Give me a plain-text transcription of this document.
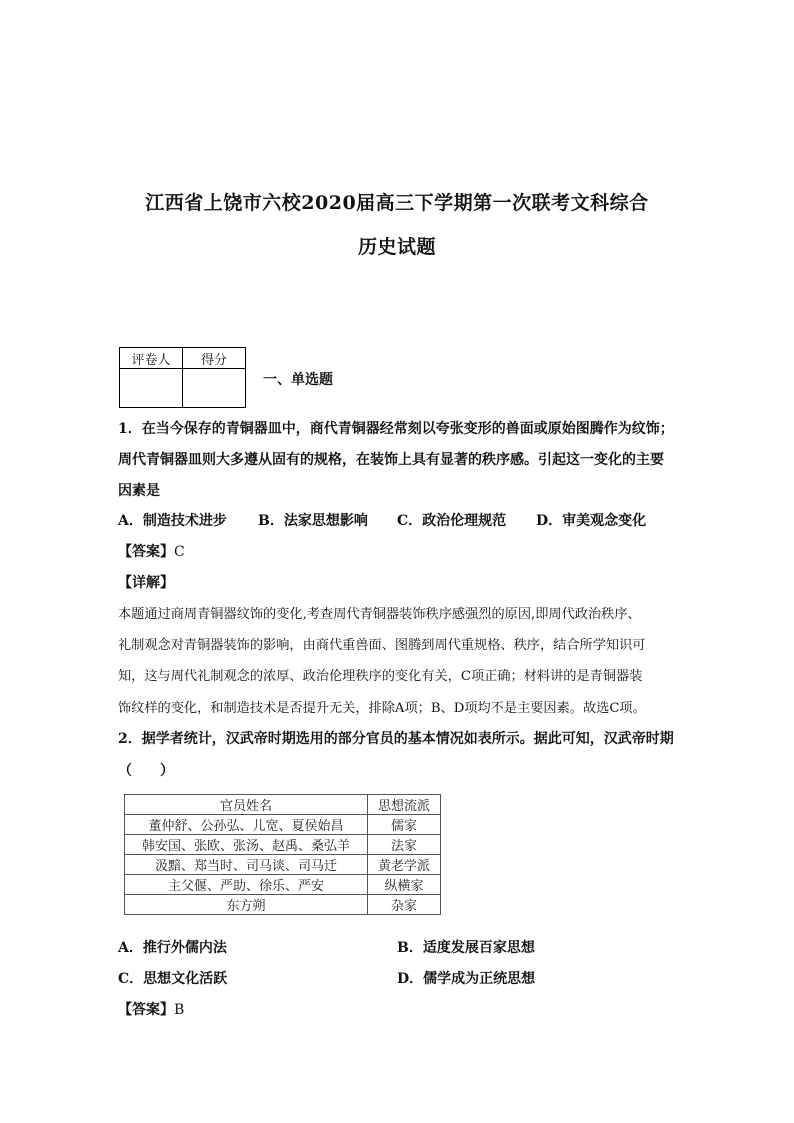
江西省上饶市六校2020届高三下学期第一次联考文科综合
历史试题
评卷人	得分

一、单选题
1．在当今保存的青铜器皿中，商代青铜器经常刻以夸张变形的兽面或原始图腾作为纹饰；
周代青铜器皿则大多遵从固有的规格，在装饰上具有显著的秩序感。引起这一变化的主要
因素是
A．制造技术进步 B．法家思想影响 C．政治伦理规范 D．审美观念变化
【答案】C
【详解】
本题通过商周青铜器纹饰的变化,考查周代青铜器装饰秩序感强烈的原因,即周代政治秩序、
礼制观念对青铜器装饰的影响，由商代重兽面、图腾到周代重规格、秩序，结合所学知识可
知，这与周代礼制观念的浓厚、政治伦理秩序的变化有关，C项正确；材料讲的是青铜器装
饰纹样的变化，和制造技术是否提升无关，排除A项；B、D项均不是主要因素。故选C项。
2．据学者统计，汉武帝时期选用的部分官员的基本情况如表所示。据此可知，汉武帝时期
（　　）
官员姓名	思想流派
董仲舒、公孙弘、儿宽、夏侯始昌	儒家
韩安国、张欧、张汤、赵禹、桑弘羊	法家
汲黯、郑当时、司马谈、司马迁	黄老学派
主父偃、严助、徐乐、严安	纵横家
东方朔	杂家
A．推行外儒内法	B．适度发展百家思想
C．思想文化活跃	D．儒学成为正统思想
【答案】B
